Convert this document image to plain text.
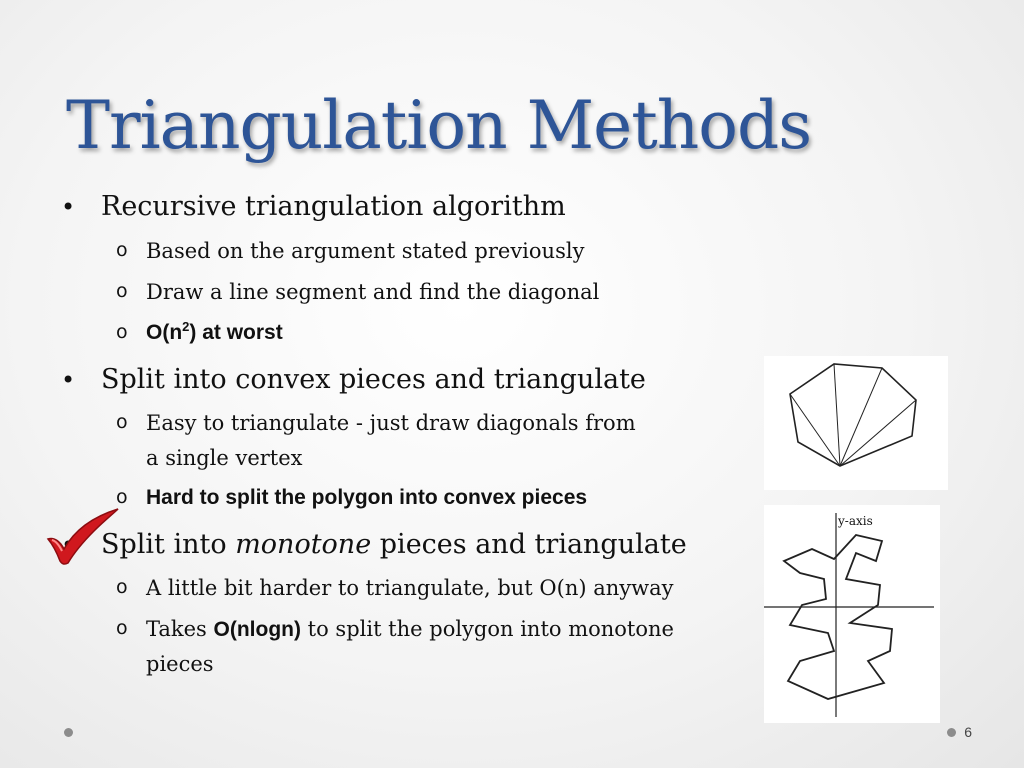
Triangulation Methods
• Recursive triangulation algorithm
o Based on the argument stated previously
o Draw a line segment and find the diagonal
o $O(n^2)$ at worst
• Split into convex pieces and triangulate
o Easy to triangulate - just draw diagonals from
a single vertex
o Hard to split the polygon into convex pieces
Split into monotone pieces and triangulate
o A little bit harder to triangulate, but O(n) anyway
o Takes O(nlogn) to split the polygon into monotone
pieces
y-axis
6
